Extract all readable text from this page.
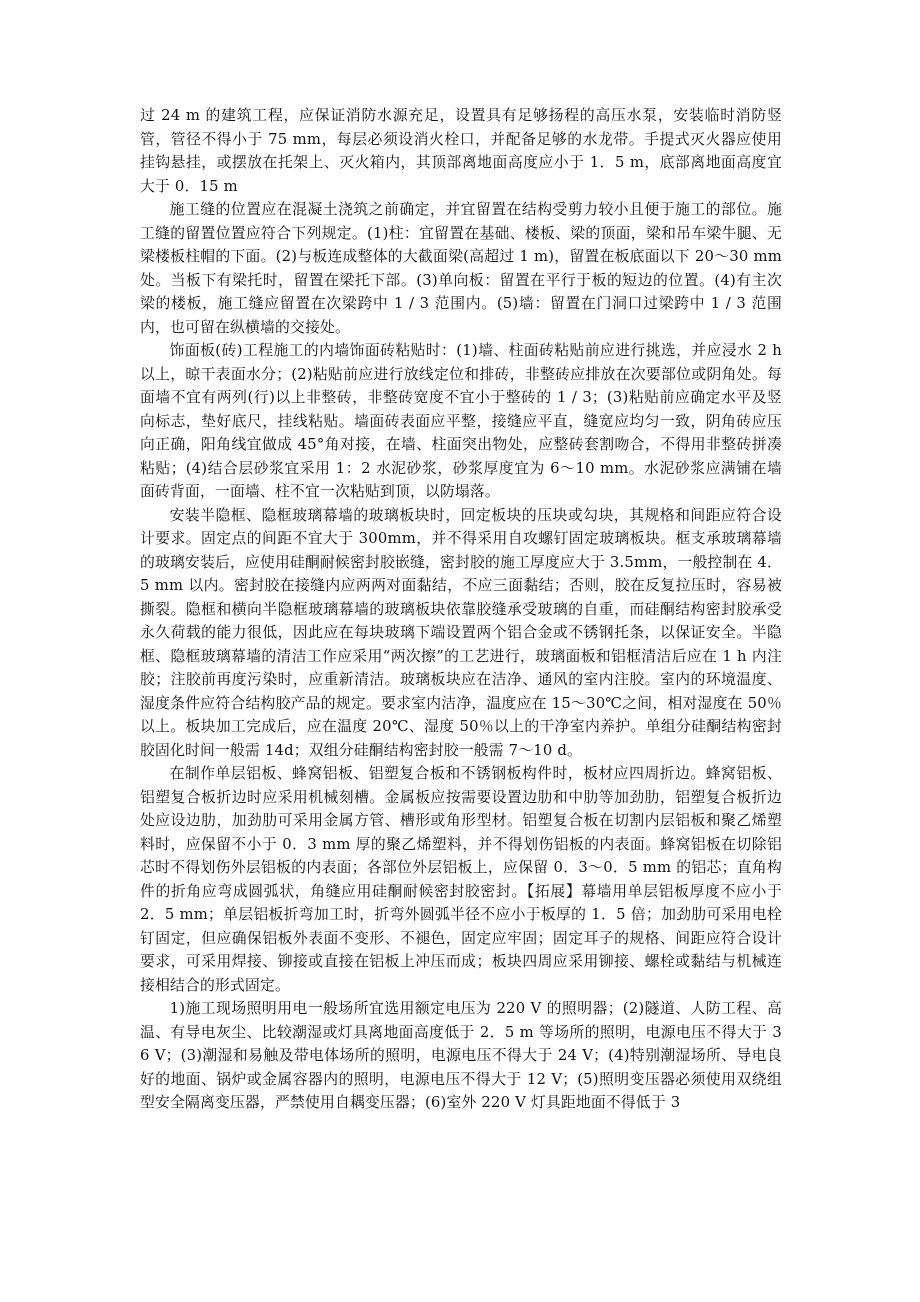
过 24 m 的建筑工程，应保证消防水源充足，设置具有足够扬程的高压水泵，安装临时消防竖管，管径不得小于 75 mm，每层必须设消火栓口，并配备足够的水龙带。手提式灭火器应使用挂钩悬挂，或摆放在托架上、灭火箱内，其顶部离地面高度应小于 1．5 m，底部离地面高度宜大于 0．15 m

施工缝的位置应在混凝土浇筑之前确定，并宜留置在结构受剪力较小且便于施工的部位。施工缝的留置位置应符合下列规定。(1)柱：宜留置在基础、楼板、梁的顶面，梁和吊车梁牛腿、无梁楼板柱帽的下面。(2)与板连成整体的大截面梁(高超过 1 m)，留置在板底面以下 20～30 mm 处。当板下有梁托时，留置在梁托下部。(3)单向板：留置在平行于板的短边的位置。(4)有主次梁的楼板，施工缝应留置在次梁跨中 1 / 3 范围内。(5)墙：留置在门洞口过梁跨中 1 / 3 范围内，也可留在纵横墙的交接处。

饰面板(砖)工程施工的内墙饰面砖粘贴时：(1)墙、柱面砖粘贴前应进行挑选，并应浸水 2 h 以上，晾干表面水分；(2)粘贴前应进行放线定位和排砖，非整砖应排放在次要部位或阴角处。每面墙不宜有两列(行)以上非整砖，非整砖宽度不宜小于整砖的 1 / 3；(3)粘贴前应确定水平及竖向标志，垫好底尺，挂线粘贴。墙面砖表面应平整，接缝应平直，缝宽应均匀一致，阴角砖应压向正确，阳角线宜做成 45°角对接，在墙、柱面突出物处，应整砖套割吻合，不得用非整砖拼凑粘贴；(4)结合层砂浆宜采用 1：2 水泥砂浆，砂浆厚度宜为 6～10 mm。水泥砂浆应满铺在墙面砖背面，一面墙、柱不宜一次粘贴到顶，以防塌落。

安装半隐框、隐框玻璃幕墙的玻璃板块时，回定板块的压块或勾块，其规格和间距应符合设计要求。固定点的间距不宜大于 300mm，并不得采用自攻螺钉固定玻璃板块。框支承玻璃幕墙的玻璃安装后，应使用硅酮耐候密封胶嵌缝，密封胶的施工厚度应大于 3.5mm，一般控制在 4．5 mm 以内。密封胶在接缝内应两两对面黏结，不应三面黏结；否则，胶在反复拉压时，容易被撕裂。隐框和横向半隐框玻璃幕墙的玻璃板块依靠胶缝承受玻璃的自重，而硅酮结构密封胶承受永久荷载的能力很低，因此应在每块玻璃下端设置两个铝合金或不锈钢托条，以保证安全。半隐框、隐框玻璃幕墙的清洁工作应采用“两次擦”的工艺进行，玻璃面板和铝框清洁后应在 1 h 内注胶；注胶前再度污染时，应重新清洁。玻璃板块应在洁净、通风的室内注胶。室内的环境温度、湿度条件应符合结构胶产品的规定。要求室内洁净，温度应在 15～30℃之间，相对湿度在 50％以上。板块加工完成后，应在温度 20℃、湿度 50％以上的干净室内养护。单组分硅酮结构密封胶固化时间一般需 14d；双组分硅酮结构密封胶一般需 7～10 d。

在制作单层铝板、蜂窝铝板、铝塑复合板和不锈钢板构件时，板材应四周折边。蜂窝铝板、铝塑复合板折边时应采用机械刻槽。金属板应按需要设置边肋和中肋等加劲肋，铝塑复合板折边处应设边肋，加劲肋可采用金属方管、槽形或角形型材。铝塑复合板在切割内层铝板和聚乙烯塑料时，应保留不小于 0．3 mm 厚的聚乙烯塑料，并不得划伤铝板的内表面。蜂窝铝板在切除铝芯时不得划伤外层铝板的内表面；各部位外层铝板上，应保留 0．3～0．5 mm 的铝芯；直角构件的折角应弯成圆弧状，角缝应用硅酮耐候密封胶密封。【拓展】幕墙用单层铝板厚度不应小于 2．5 mm；单层铝板折弯加工时，折弯外圆弧半径不应小于板厚的 1．5 倍；加劲肋可采用电栓钉固定，但应确保铝板外表面不变形、不褪色，固定应牢固；固定耳子的规格、间距应符合设计要求，可采用焊接、铆接或直接在铝板上冲压而成；板块四周应采用铆接、螺栓或黏结与机械连接相结合的形式固定。

1)施工现场照明用电一般场所宜选用额定电压为 220 V 的照明器；(2)隧道、人防工程、高温、有导电灰尘、比较潮湿或灯具离地面高度低于 2．5 m 等场所的照明，电源电压不得大于 36 V；(3)潮湿和易触及带电体场所的照明，电源电压不得大于 24 V；(4)特别潮湿场所、导电良好的地面、锅炉或金属容器内的照明，电源电压不得大于 12 V；(5)照明变压器必须使用双绕组型安全隔离变压器，严禁使用自耦变压器；(6)室外 220 V 灯具距地面不得低于 3
